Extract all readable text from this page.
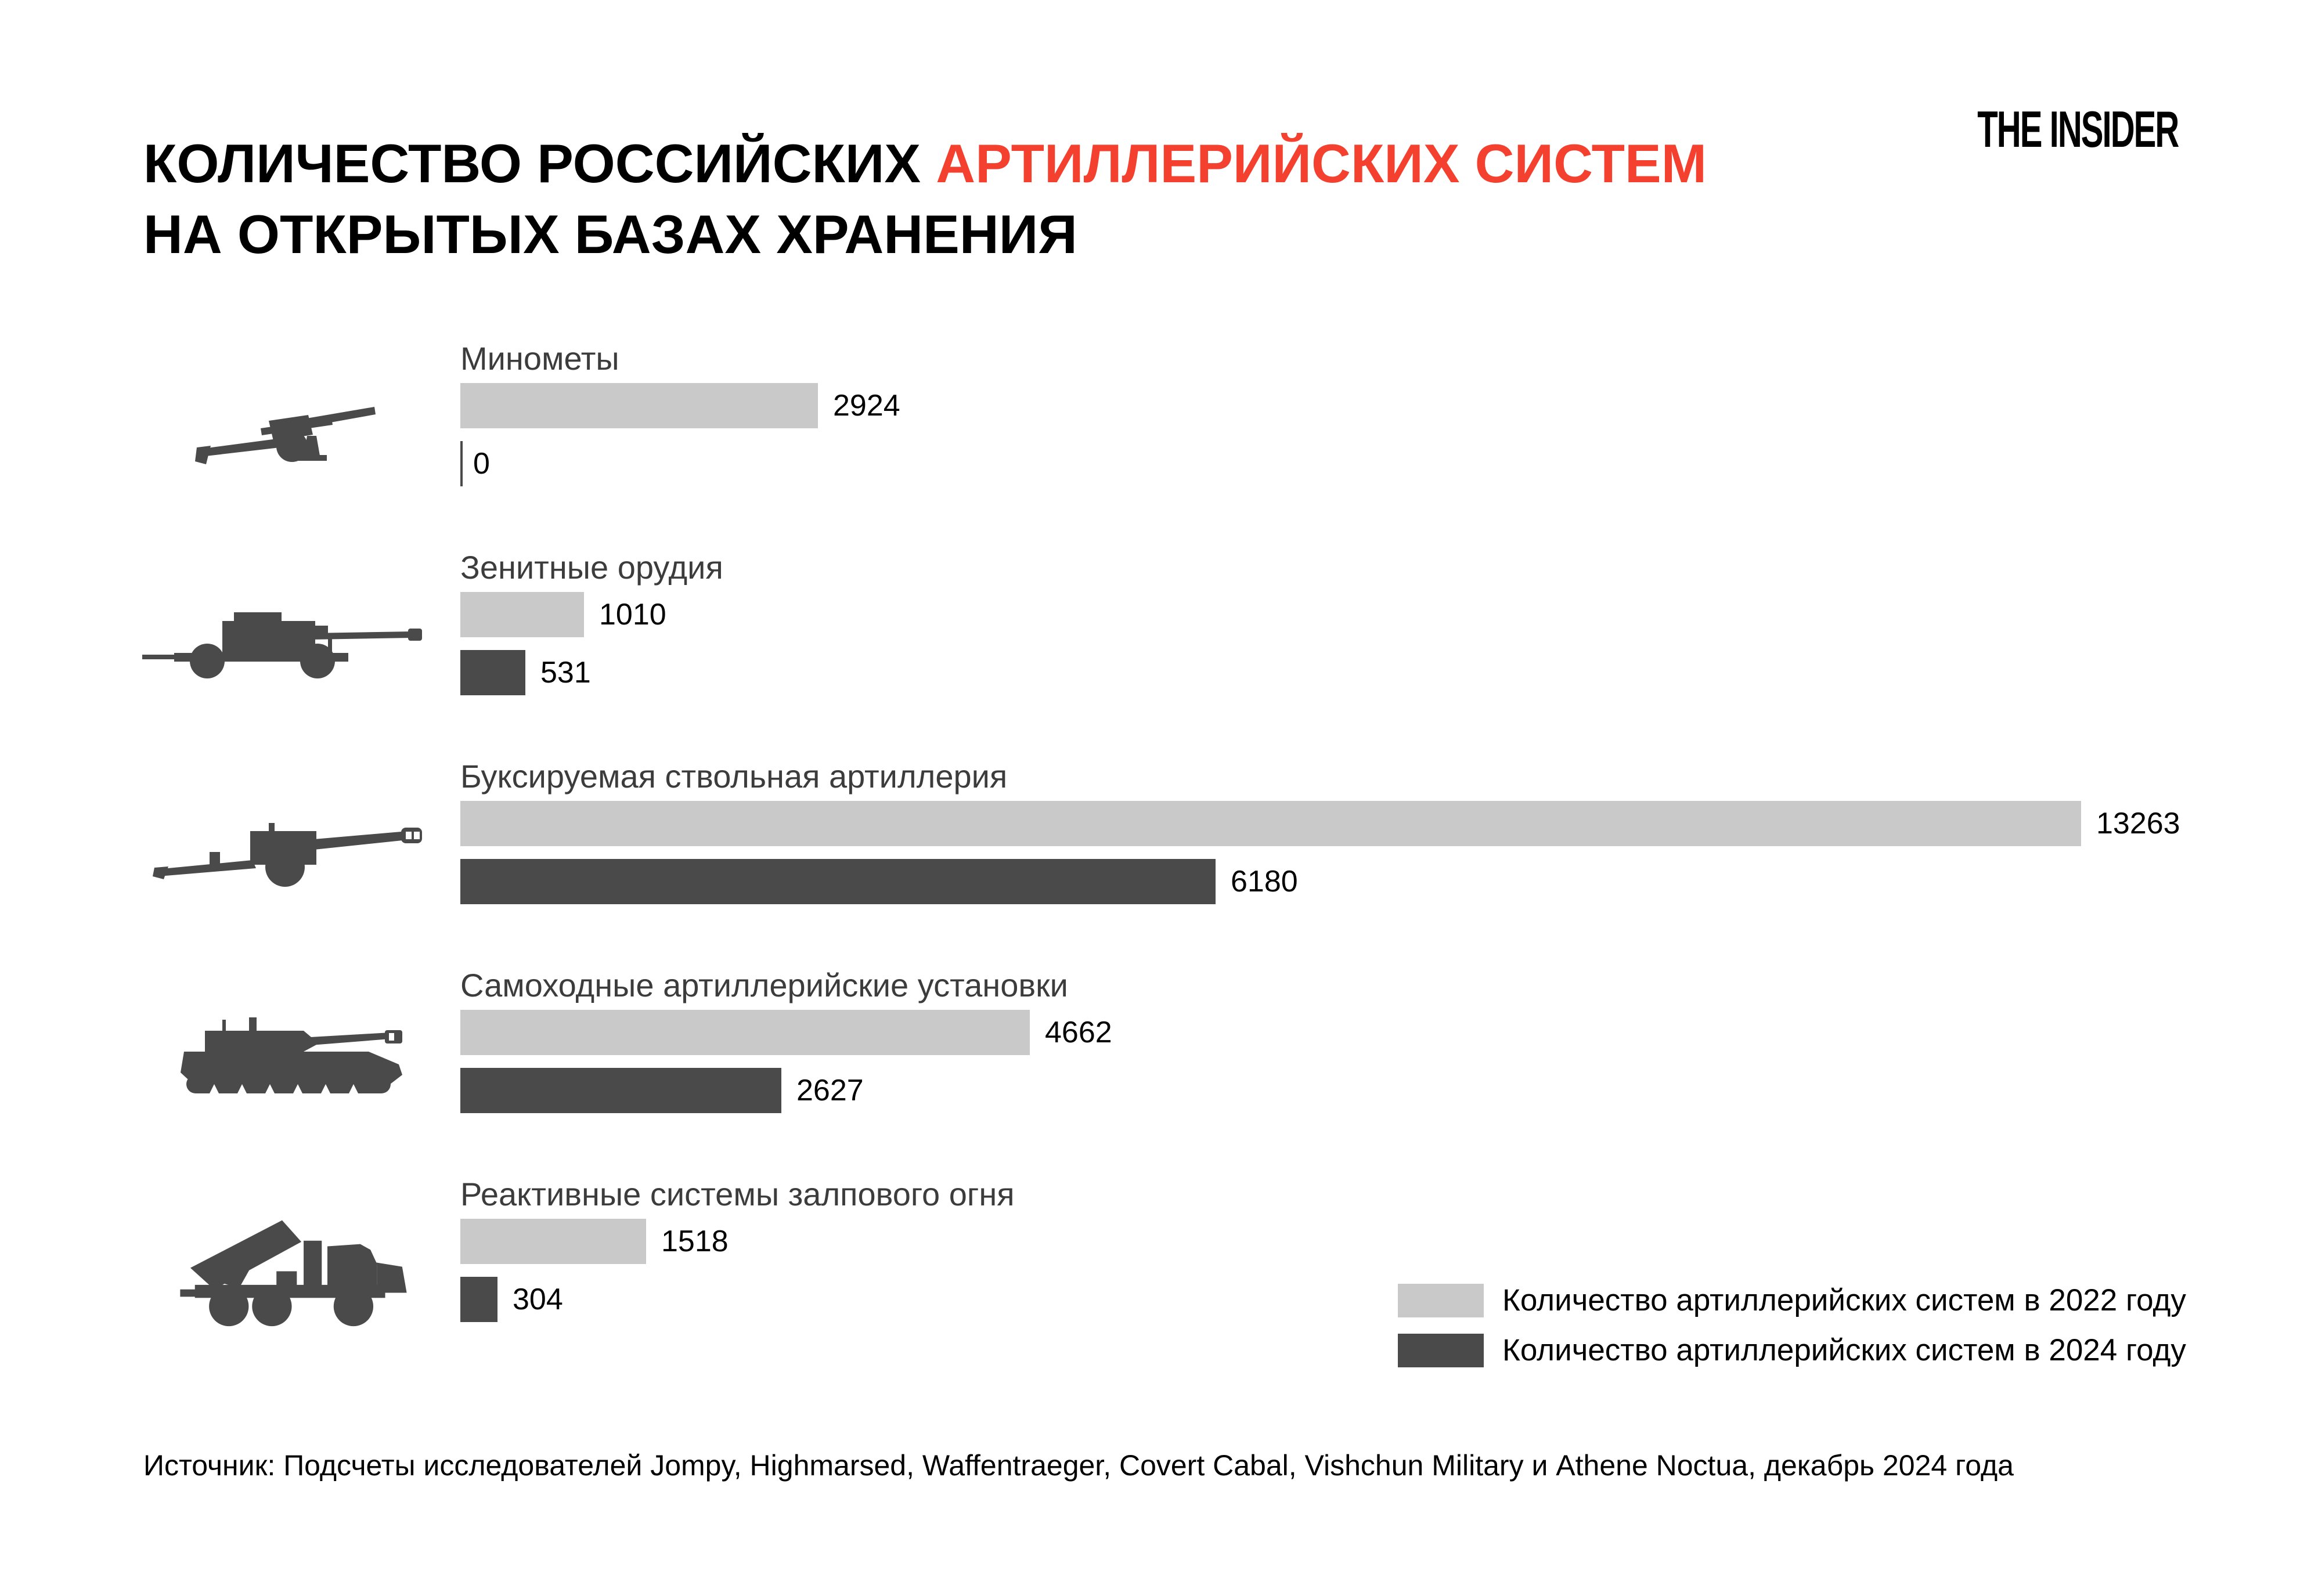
КОЛИЧЕСТВО РОССИЙСКИХ АРТИЛЛЕРИЙСКИХ СИСТЕМ
НА ОТКРЫТЫХ БАЗАХ ХРАНЕНИЯ
THE INSIDER
Минометы
2924
0
Зенитные орудия
1010
531
Буксируемая ствольная артиллерия
13263
6180
Самоходные артиллерийские установки
4662
2627
Реактивные системы залпового огня
1518
304	Количество артиллерийских систем в 2022 году
Количество артиллерийских систем в 2024 году
Источник: Подсчеты исследователей Jompy, Highmarsed, Waffentraeger, Covert Cabal, Vishchun Military и Athene Noctua, декабрь 2024 года
